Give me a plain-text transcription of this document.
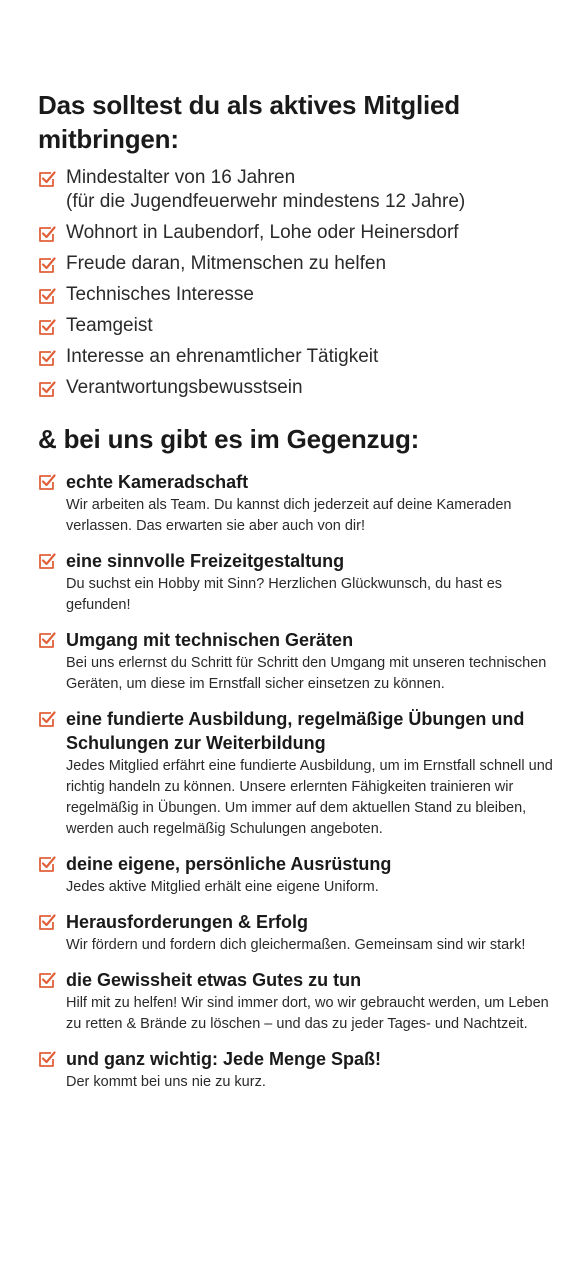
Das solltest du als aktives Mitglied mitbringen:
Mindestalter von 16 Jahren
(für die Jugendfeuerwehr mindestens 12 Jahre)
Wohnort in Laubendorf, Lohe oder Heinersdorf
Freude daran, Mitmenschen zu helfen
Technisches Interesse
Teamgeist
Interesse an ehrenamtlicher Tätigkeit
Verantwortungsbewusstsein
& bei uns gibt es im Gegenzug:
echte Kameradschaft
Wir arbeiten als Team. Du kannst dich jederzeit auf deine Kameraden verlassen. Das erwarten sie aber auch von dir!
eine sinnvolle Freizeitgestaltung
Du suchst ein Hobby mit Sinn? Herzlichen Glückwunsch, du hast es gefunden!
Umgang mit technischen Geräten
Bei uns erlernst du Schritt für Schritt den Umgang mit unseren technischen Geräten, um diese im Ernstfall sicher einsetzen zu können.
eine fundierte Ausbildung, regelmäßige Übungen und Schulungen zur Weiterbildung
Jedes Mitglied erfährt eine fundierte Ausbildung, um im Ernstfall schnell und richtig handeln zu können. Unsere erlernten Fähigkeiten trainieren wir regelmäßig in Übungen. Um immer auf dem aktuellen Stand zu bleiben, werden auch regelmäßig Schulungen angeboten.
deine eigene, persönliche Ausrüstung
Jedes aktive Mitglied erhält eine eigene Uniform.
Herausforderungen & Erfolg
Wir fördern und fordern dich gleichermaßen. Gemeinsam sind wir stark!
die Gewissheit etwas Gutes zu tun
Hilf mit zu helfen! Wir sind immer dort, wo wir gebraucht werden, um Leben zu retten & Brände zu löschen – und das zu jeder Tages- und Nachtzeit.
und ganz wichtig: Jede Menge Spaß!
Der kommt bei uns nie zu kurz.
